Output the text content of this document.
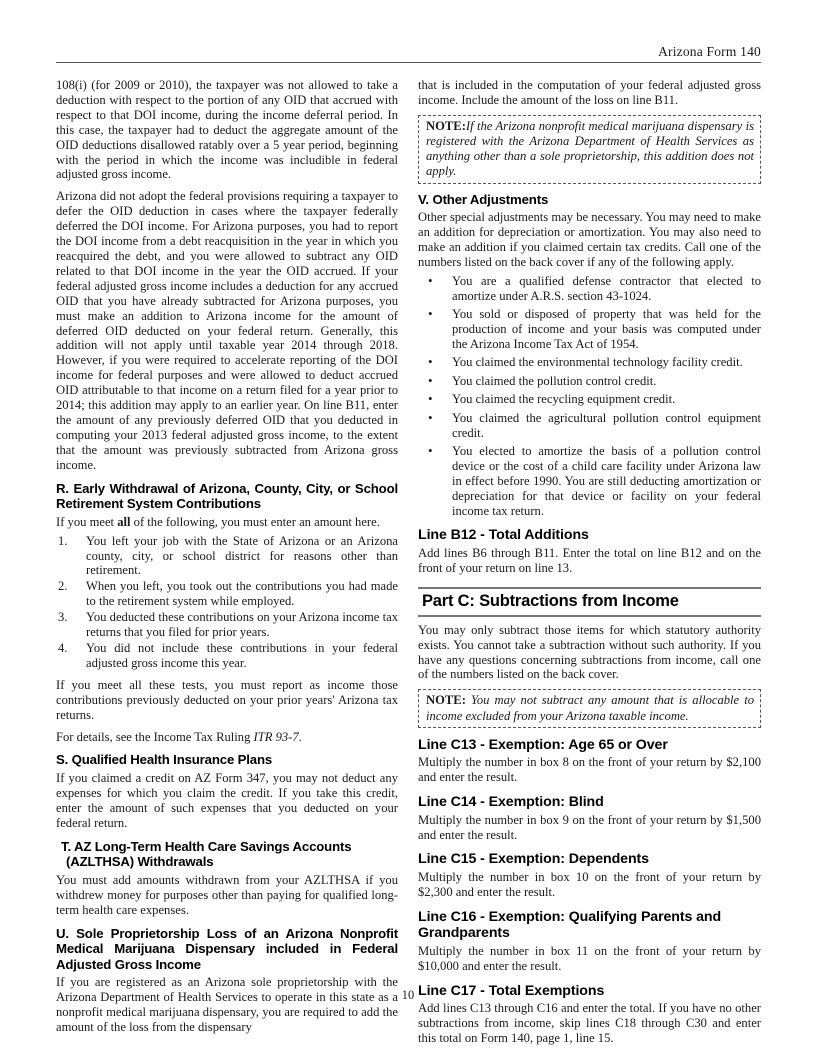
Arizona Form 140

108(i) (for 2009 or 2010), the taxpayer was not allowed to take a deduction with respect to the portion of any OID that accrued with respect to that DOI income, during the income deferral period. In this case, the taxpayer had to deduct the aggregate amount of the OID deductions disallowed ratably over a 5 year period, beginning with the period in which the income was includible in federal adjusted gross income.

Arizona did not adopt the federal provisions requiring a taxpayer to defer the OID deduction in cases where the taxpayer federally deferred the DOI income. For Arizona purposes, you had to report the DOI income from a debt reacquisition in the year in which you reacquired the debt, and you were allowed to subtract any OID related to that DOI income in the year the OID accrued. If your federal adjusted gross income includes a deduction for any accrued OID that you have already subtracted for Arizona purposes, you must make an addition to Arizona income for the amount of deferred OID deducted on your federal return. Generally, this addition will not apply until taxable year 2014 through 2018. However, if you were required to accelerate reporting of the DOI income for federal purposes and were allowed to deduct accrued OID attributable to that income on a return filed for a year prior to 2014; this addition may apply to an earlier year. On line B11, enter the amount of any previously deferred OID that you deducted in computing your 2013 federal adjusted gross income, to the extent that the amount was previously subtracted from Arizona gross income.

R. Early Withdrawal of Arizona, County, City, or School Retirement System Contributions

If you meet all of the following, you must enter an amount here.

1.	You left your job with the State of Arizona or an Arizona county, city, or school district for reasons other than retirement.
2.	When you left, you took out the contributions you had made to the retirement system while employed.
3.	You deducted these contributions on your Arizona income tax returns that you filed for prior years.
4.	You did not include these contributions in your federal adjusted gross income this year.

If you meet all these tests, you must report as income those contributions previously deducted on your prior years' Arizona tax returns.

For details, see the Income Tax Ruling ITR 93-7.

S. Qualified Health Insurance Plans

If you claimed a credit on AZ Form 347, you may not deduct any expenses for which you claim the credit. If you take this credit, enter the amount of such expenses that you deducted on your federal return.

T. AZ Long-Term Health Care Savings Accounts (AZLTHSA) Withdrawals

You must add amounts withdrawn from your AZLTHSA if you withdrew money for purposes other than paying for qualified long-term health care expenses.

U. Sole Proprietorship Loss of an Arizona Nonprofit Medical Marijuana Dispensary included in Federal Adjusted Gross Income

If you are registered as an Arizona sole proprietorship with the Arizona Department of Health Services to operate in this state as a nonprofit medical marijuana dispensary, you are required to add the amount of the loss from the dispensary

that is included in the computation of your federal adjusted gross income. Include the amount of the loss on line B11.

NOTE:If the Arizona nonprofit medical marijuana dispensary is registered with the Arizona Department of Health Services as anything other than a sole proprietorship, this addition does not apply.

V. Other Adjustments

Other special adjustments may be necessary. You may need to make an addition for depreciation or amortization. You may also need to make an addition if you claimed certain tax credits. Call one of the numbers listed on the back cover if any of the following apply.

• You are a qualified defense contractor that elected to amortize under A.R.S. section 43-1024.
• You sold or disposed of property that was held for the production of income and your basis was computed under the Arizona Income Tax Act of 1954.
• You claimed the environmental technology facility credit.
• You claimed the pollution control credit.
• You claimed the recycling equipment credit.
• You claimed the agricultural pollution control equipment credit.
• You elected to amortize the basis of a pollution control device or the cost of a child care facility under Arizona law in effect before 1990. You are still deducting amortization or depreciation for that device or facility on your federal income tax return.
Line B12 - Total Additions

Add lines B6 through B11. Enter the total on line B12 and on the front of your return on line 13.

Part C: Subtractions from Income

You may only subtract those items for which statutory authority exists. You cannot take a subtraction without such authority. If you have any questions concerning subtractions from income, call one of the numbers listed on the back cover.

NOTE: You may not subtract any amount that is allocable to income excluded from your Arizona taxable income.

Line C13 - Exemption: Age 65 or Over

Multiply the number in box 8 on the front of your return by $2,100 and enter the result.

Line C14 - Exemption: Blind

Multiply the number in box 9 on the front of your return by $1,500 and enter the result.

Line C15 - Exemption: Dependents

Multiply the number in box 10 on the front of your return by $2,300 and enter the result.

Line C16 - Exemption: Qualifying Parents and Grandparents

Multiply the number in box 11 on the front of your return by $10,000 and enter the result.

Line C17 - Total Exemptions

Add lines C13 through C16 and enter the total. If you have no other subtractions from income, skip lines C18 through C30 and enter this total on Form 140, page 1, line 15.

10
